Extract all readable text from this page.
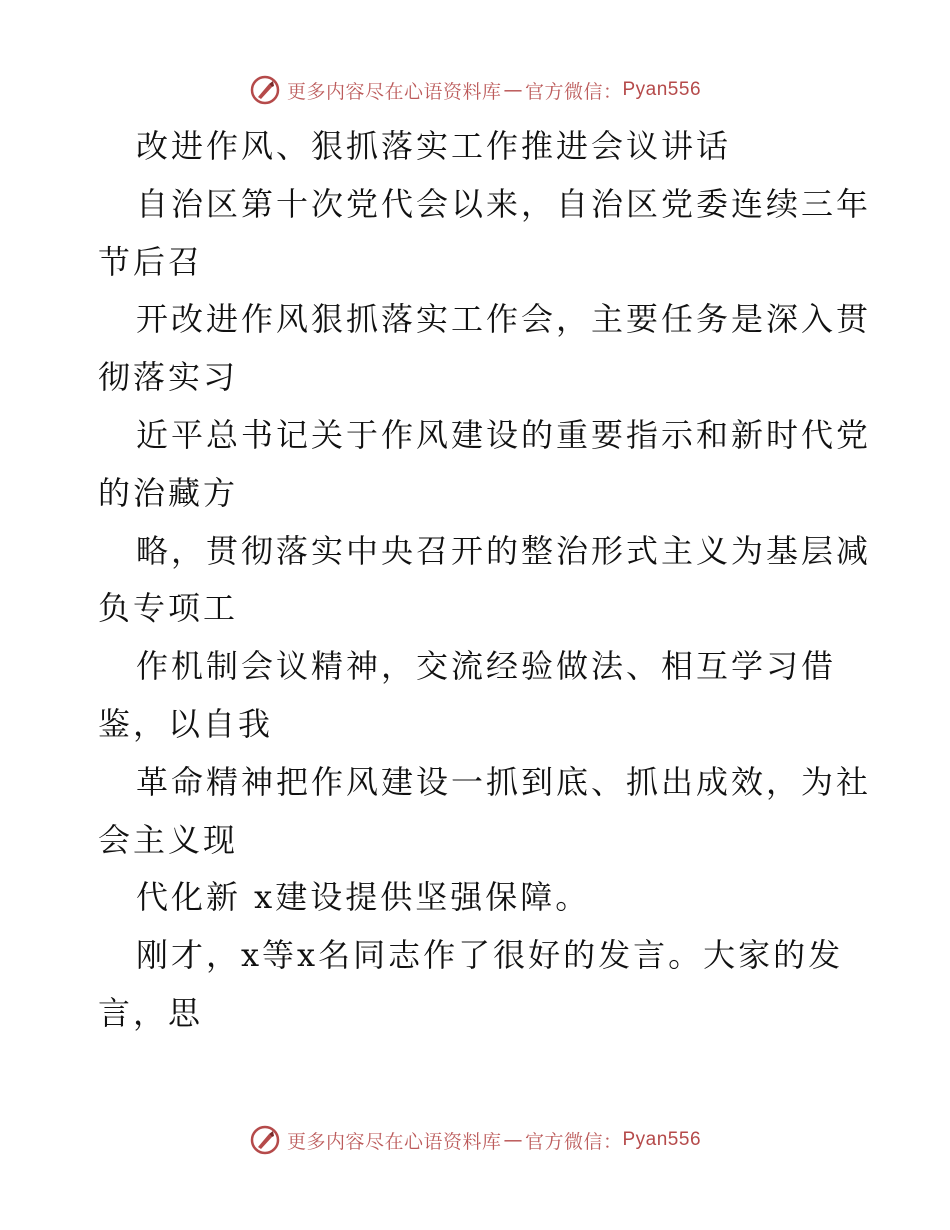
更多内容尽在心语资料库 — 官方微信： Pyan556
改进作风、狠抓落实工作推进会议讲话
自治区第十次党代会以来，自治区党委连续三年
节后召
开改进作风狠抓落实工作会，主要任务是深入贯
彻落实习
近平总书记关于作风建设的重要指示和新时代党
的治藏方
略，贯彻落实中央召开的整治形式主义为基层减
负专项工
作机制会议精神，交流经验做法、相互学习借
鉴，以自我
革命精神把作风建设一抓到底、抓出成效，为社
会主义现
代化新 x建设提供坚强保障。
刚才，x等x名同志作了很好的发言。大家的发
言，思
更多内容尽在心语资料库 — 官方微信： Pyan556
